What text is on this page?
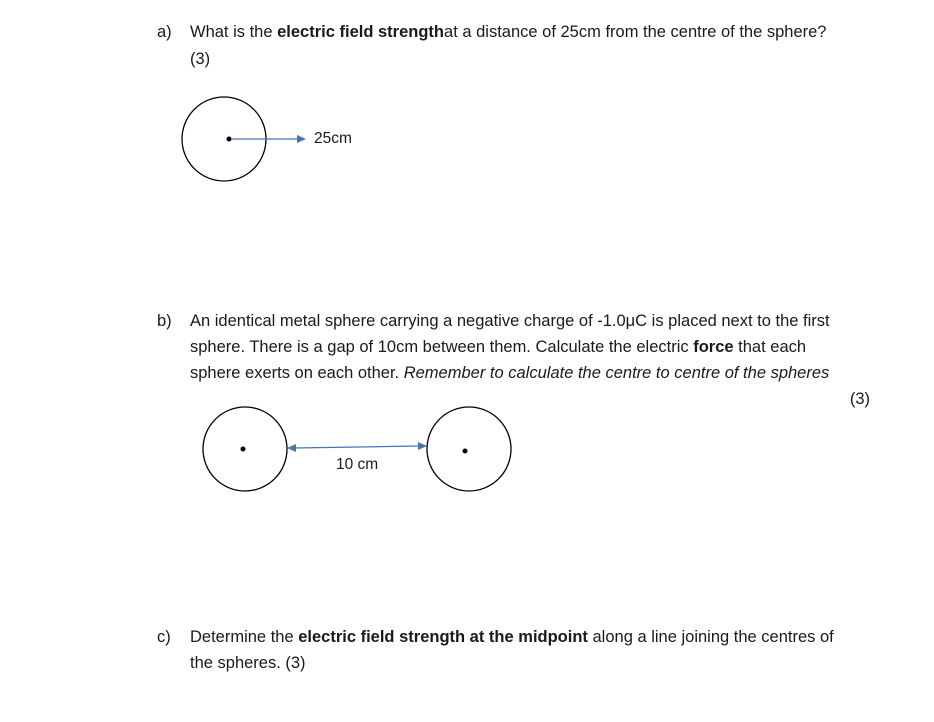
a) What is the electric field strengthat a distance of 25cm from the centre of the sphere?
(3)
25cm
b) An identical metal sphere carrying a negative charge of -1.0μC is placed next to the first
sphere. There is a gap of 10cm between them. Calculate the electric force that each
sphere exerts on each other. Remember to calculate the centre to centre of the spheres
(3)
10 cm
c) Determine the electric field strength at the midpoint along a line joining the centres of
the spheres. (3)
